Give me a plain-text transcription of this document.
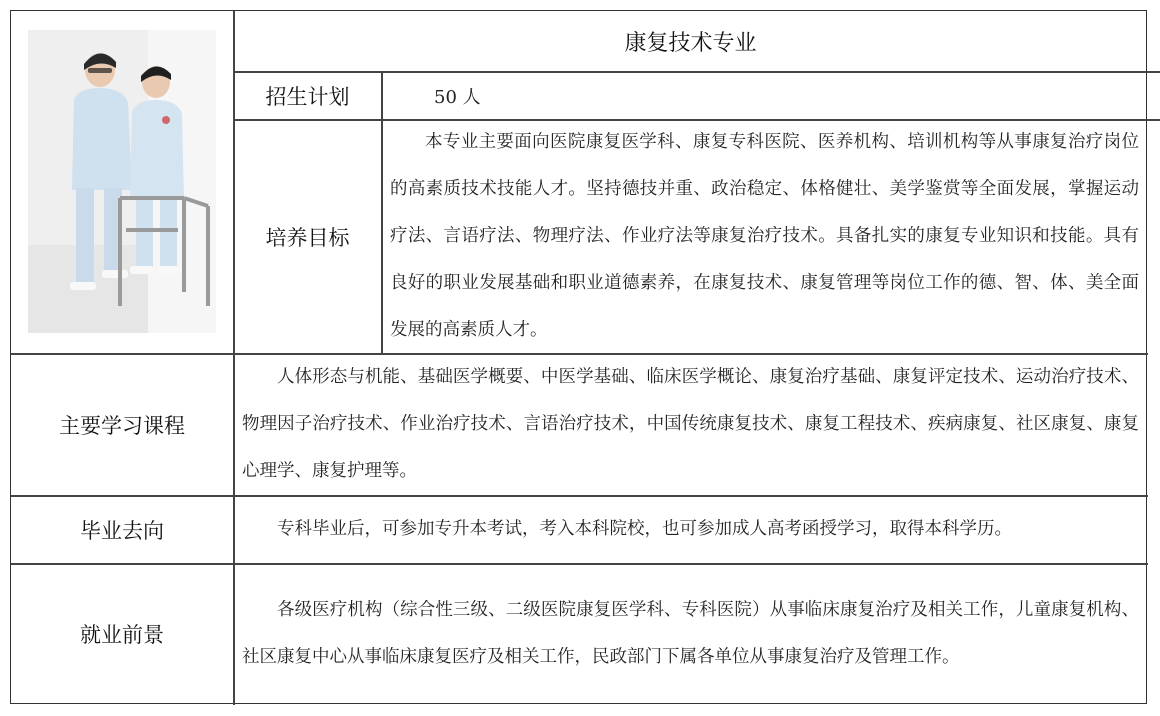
康复技术专业
招生计划	50 人
培养目标
本专业主要面向医院康复医学科、康复专科医院、医养机构、培训机构等从事康复治疗岗位的高素质技术技能人才。坚持德技并重、政治稳定、体格健壮、美学鉴赏等全面发展，掌握运动疗法、言语疗法、物理疗法、作业疗法等康复治疗技术。具备扎实的康复专业知识和技能。具有良好的职业发展基础和职业道德素养，在康复技术、康复管理等岗位工作的德、智、体、美全面发展的高素质人才。
主要学习课程
人体形态与机能、基础医学概要、中医学基础、临床医学概论、康复治疗基础、康复评定技术、运动治疗技术、物理因子治疗技术、作业治疗技术、言语治疗技术，中国传统康复技术、康复工程技术、疾病康复、社区康复、康复心理学、康复护理等。
毕业去向	专科毕业后，可参加专升本考试，考入本科院校，也可参加成人高考函授学习，取得本科学历。
就业前景
各级医疗机构（综合性三级、二级医院康复医学科、专科医院）从事临床康复治疗及相关工作，儿童康复机构、社区康复中心从事临床康复医疗及相关工作，民政部门下属各单位从事康复治疗及管理工作。
